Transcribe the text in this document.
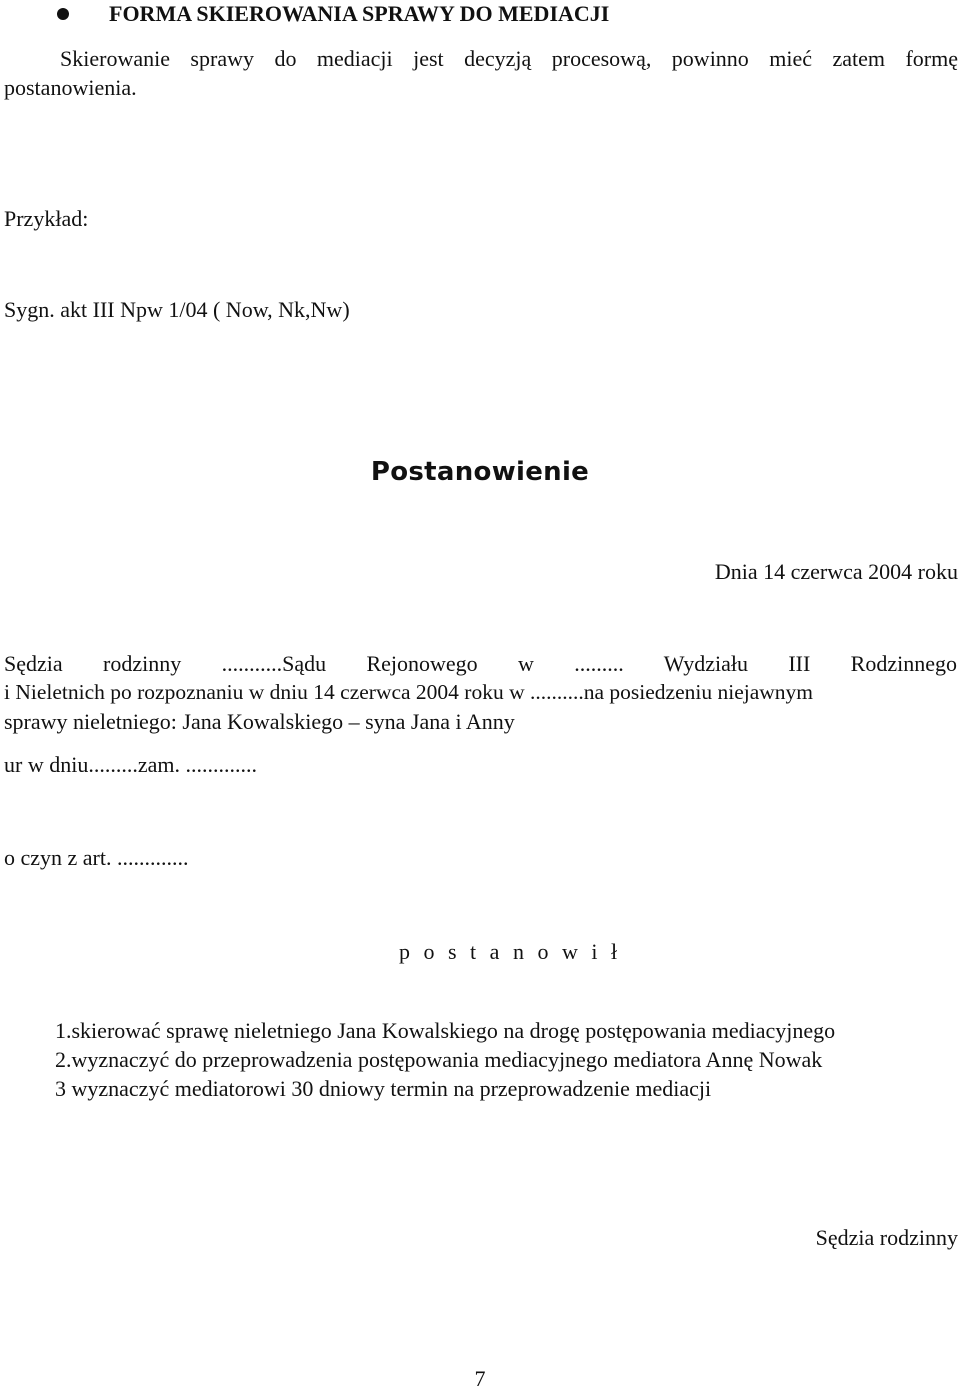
FORMA SKIEROWANIA SPRAWY DO MEDIACJI
Skierowanie sprawy do mediacji jest decyzją procesową, powinno mieć zatem formę
postanowienia.
Przykład:
Sygn. akt III Npw 1/04 ( Now, Nk,Nw)
Postanowienie
Dnia 14 czerwca 2004 roku
Sędzia rodzinny ...........Sądu Rejonowego w ......... Wydziału III Rodzinnego
i Nieletnich po rozpoznaniu w dniu 14 czerwca 2004 roku w ..........na posiedzeniu niejawnym
sprawy nieletniego: Jana Kowalskiego – syna Jana i Anny
ur w dniu.........zam. .............
o czyn z art. .............
p o s t a n o w i ł
1.skierować sprawę nieletniego Jana Kowalskiego na drogę postępowania mediacyjnego
2.wyznaczyć do przeprowadzenia postępowania mediacyjnego mediatora Annę Nowak
3 wyznaczyć mediatorowi 30 dniowy termin na przeprowadzenie mediacji
Sędzia rodzinny
7
